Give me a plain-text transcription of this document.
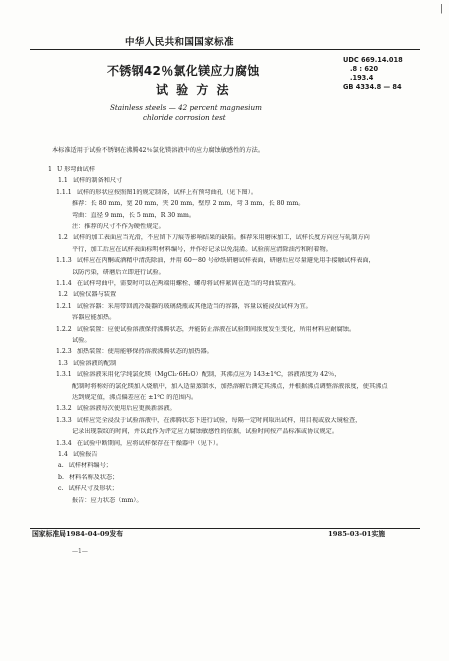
|
中华人民共和国国家标准
不锈钢42％氯化镁应力腐蚀
试 验 方 法
Stainless steels — 42 percent magnesium
chloride corrosion test
UDC 669.14.018
.8 : 620
.193.4
GB 4334.8 — 84
本标准适用于试验不锈钢在沸腾42％氯化镁溶液中的应力腐蚀敏感性的方法。
1 U 形弯曲试样
1.1 试样的制备和尺寸
1.1.1 试样的形状应按照图1的规定制备，试样上有预弯曲孔（见下图）。
推荐：长 80 mm，宽 20 mm，夹 20 mm，壁厚 2 mm，弯 3 mm，长 80 mm。
弯曲：直径 9 mm，长 5 mm，R 30 mm。
注：推荐的尺寸不作为硬性规定。
1.2 试样的加工表面应当光滑，不应留下刀痕等影响结果的缺陷。推荐采用磨床加工，试样长度方向应与轧制方向
平行，加工后应在试样表面标明材料编号，并作好记录以免混淆。试验前应清除油污和附着物。
1.1.3 试样应在丙酮或酒精中清洗除油，并用 60～80 号砂纸研磨试样表面，研磨后应尽量避免用手接触试样表面，
以防污染，研磨后立即进行试验。
1.1.4 在试样弯曲中，需要时可以在两端用螺栓、螺母将试样紧固在适当的弯曲装置内。
1.2 试验仪器与装置
1.2.1 试验容器：采用带回流冷凝器的玻璃烧瓶或其他适当的容器，容量以能浸没试样为宜。
容器应能加热。
1.2.2 试验装置：应使试验溶液保持沸腾状态，并能防止溶液在试验期间浓度发生变化，所用材料应耐腐蚀。
试验。
1.2.3 加热装置：使用能够保持溶液沸腾状态的加热器。
1.3 试验溶液的配制
1.3.1 试验溶液采用化学纯氯化镁（MgCl₂·6H₂O）配制，其沸点应为 143±1℃，溶液浓度为 42％，
配制时将称好的氯化镁加入烧瓶中，加入适量蒸馏水，加热溶解后测定其沸点，并根据沸点调整溶液浓度，使其沸点
达到规定值，沸点偏差应在 ±1℃ 的范围内。
1.3.2 试验溶液每次使用后应更换新溶液。
1.3.3 试样应完全浸没于试验溶液中，在沸腾状态下进行试验，每隔一定时间取出试样，用目视或放大镜检查，
记录出现裂纹的时间，并以此作为评定应力腐蚀敏感性的依据，试验时间按产品标准或协议规定。
1.3.4 在试验中断期间，应将试样保存在干燥器中（见下）。
1.4 试验报告
a. 试样材料编号；
b. 材料名称及状态；
c. 试样尺寸及形状；
报告：应力状态（mm）。
国家标准局1984-04-09发布	1985-03-01实施
—1—
